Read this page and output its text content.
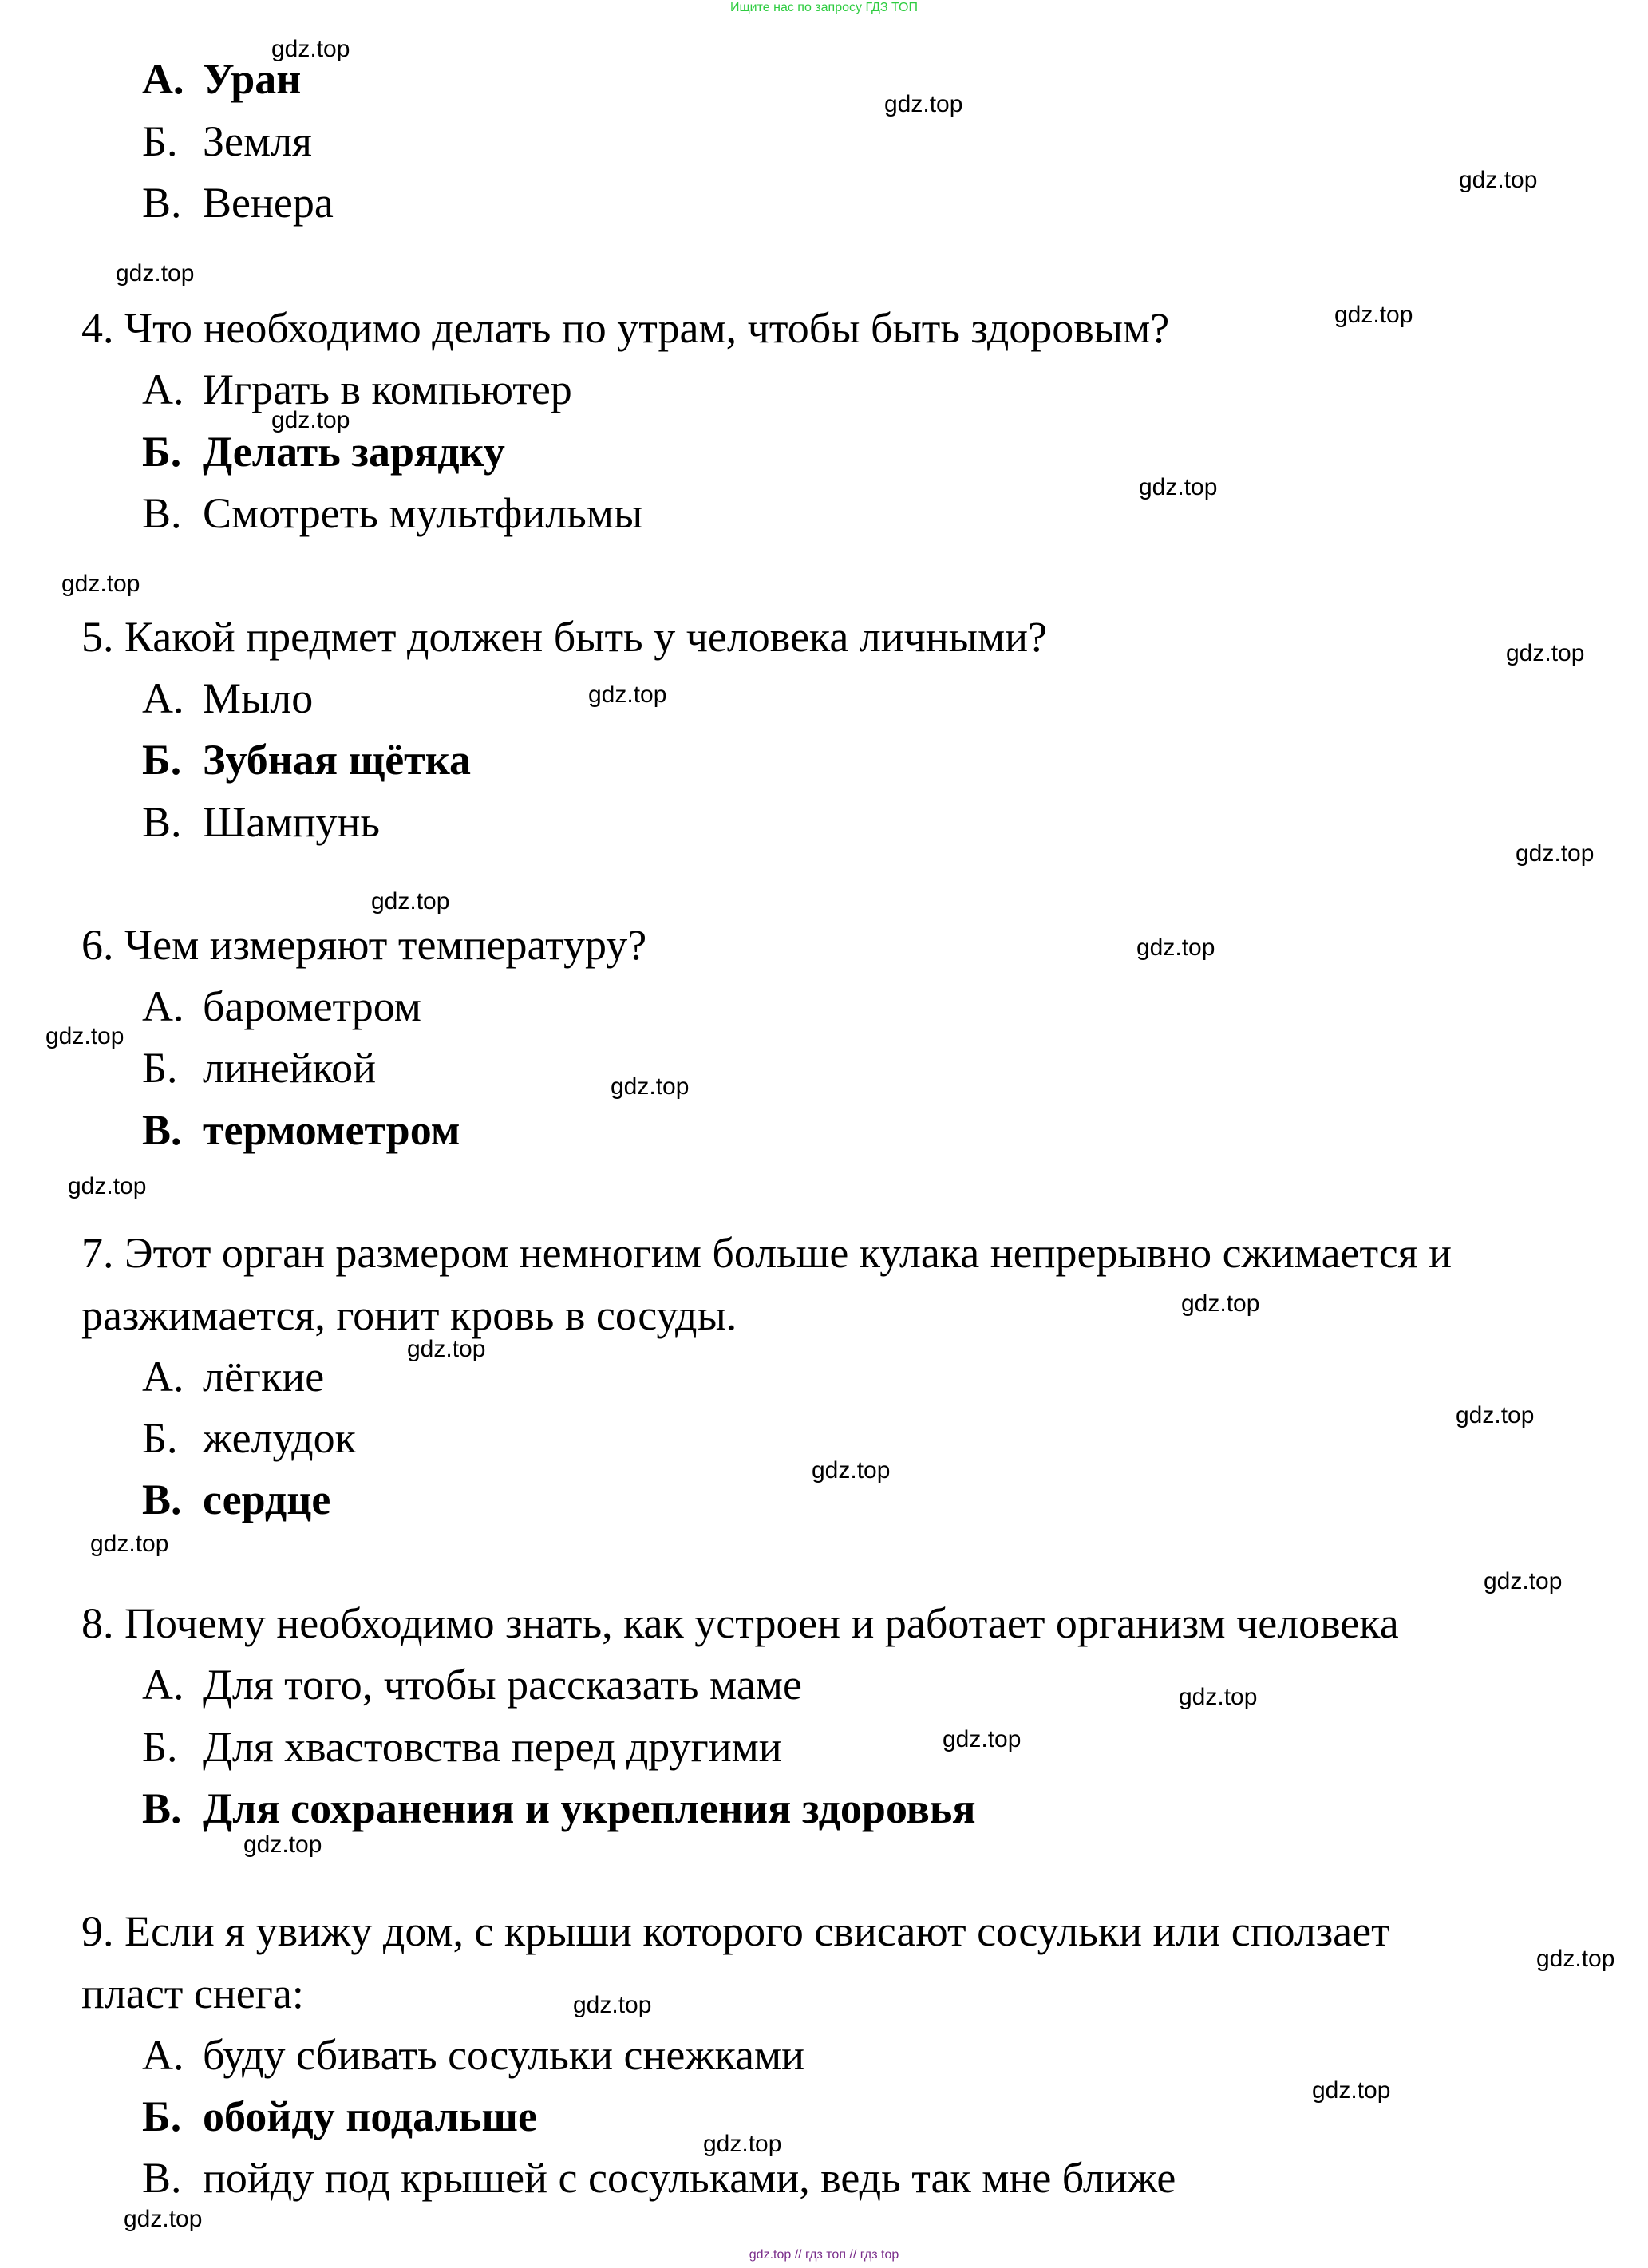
Ищите нас по запросу ГДЗ ТОП
А. Уран
Б. Земля
В. Венера
4. Что необходимо делать по утрам, чтобы быть здоровым?
А. Играть в компьютер
Б. Делать зарядку
В. Смотреть мультфильмы
5. Какой предмет должен быть у человека личными?
А. Мыло
Б. Зубная щётка
В. Шампунь
6. Чем измеряют температуру?
А. барометром
Б. линейкой
В. термометром
7. Этот орган размером немногим больше кулака непрерывно сжимается и
разжимается, гонит кровь в сосуды.
А. лёгкие
Б. желудок
В. сердце
8. Почему необходимо знать, как устроен и работает организм человека
А. Для того, чтобы рассказать маме
Б. Для хвастовства перед другими
В. Для сохранения и укрепления здоровья
9. Если я увижу дом, с крыши которого свисают сосульки или сползает
пласт снега:
А. буду сбивать сосульки снежками
Б. обойду подальше
В. пойду под крышей с сосульками, ведь так мне ближе
gdz.top
gdz.top
gdz.top
gdz.top
gdz.top
gdz.top
gdz.top
gdz.top
gdz.top
gdz.top
gdz.top
gdz.top
gdz.top
gdz.top
gdz.top
gdz.top
gdz.top
gdz.top
gdz.top
gdz.top
gdz.top
gdz.top
gdz.top
gdz.top
gdz.top
gdz.top
gdz.top
gdz.top
gdz.top
gdz.top
gdz.top // гдз топ // гдз top
